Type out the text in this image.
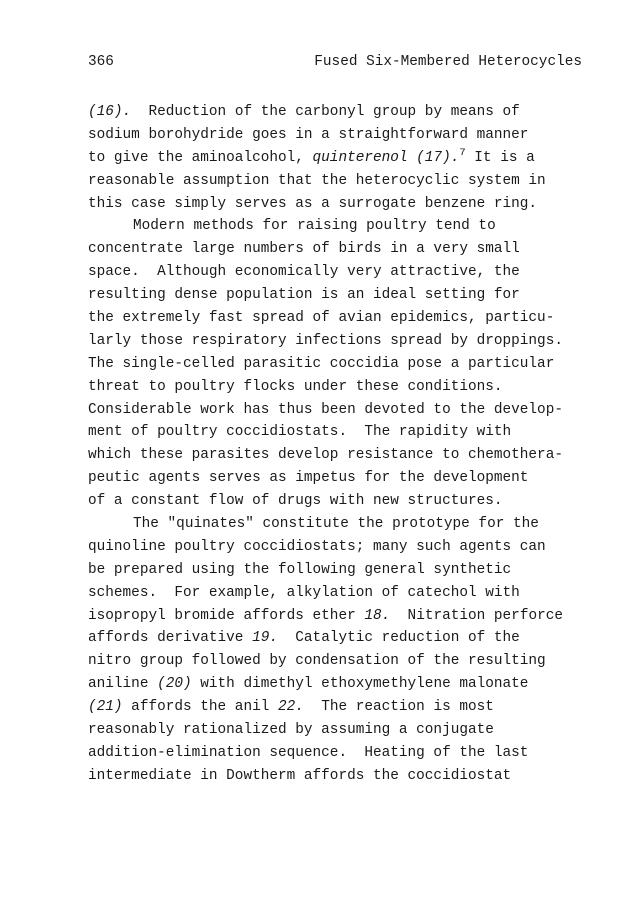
366	Fused Six-Membered Heterocycles
(16).  Reduction of the carbonyl group by means of
sodium borohydride goes in a straightforward manner
to give the aminoalcohol, quinterenol (17).$^7$ It is a
reasonable assumption that the heterocyclic system in
this case simply serves as a surrogate benzene ring.
Modern methods for raising poultry tend to
concentrate large numbers of birds in a very small
space.  Although economically very attractive, the
resulting dense population is an ideal setting for
the extremely fast spread of avian epidemics, particu-
larly those respiratory infections spread by droppings.
The single-celled parasitic coccidia pose a particular
threat to poultry flocks under these conditions.
Considerable work has thus been devoted to the develop-
ment of poultry coccidiostats.  The rapidity with
which these parasites develop resistance to chemothera-
peutic agents serves as impetus for the development
of a constant flow of drugs with new structures.
The "quinates" constitute the prototype for the
quinoline poultry coccidiostats; many such agents can
be prepared using the following general synthetic
schemes.  For example, alkylation of catechol with
isopropyl bromide affords ether 18.  Nitration perforce
affords derivative 19.  Catalytic reduction of the
nitro group followed by condensation of the resulting
aniline (20) with dimethyl ethoxymethylene malonate
(21) affords the anil 22.  The reaction is most
reasonably rationalized by assuming a conjugate
addition-elimination sequence.  Heating of the last
intermediate in Dowtherm affords the coccidiostat
